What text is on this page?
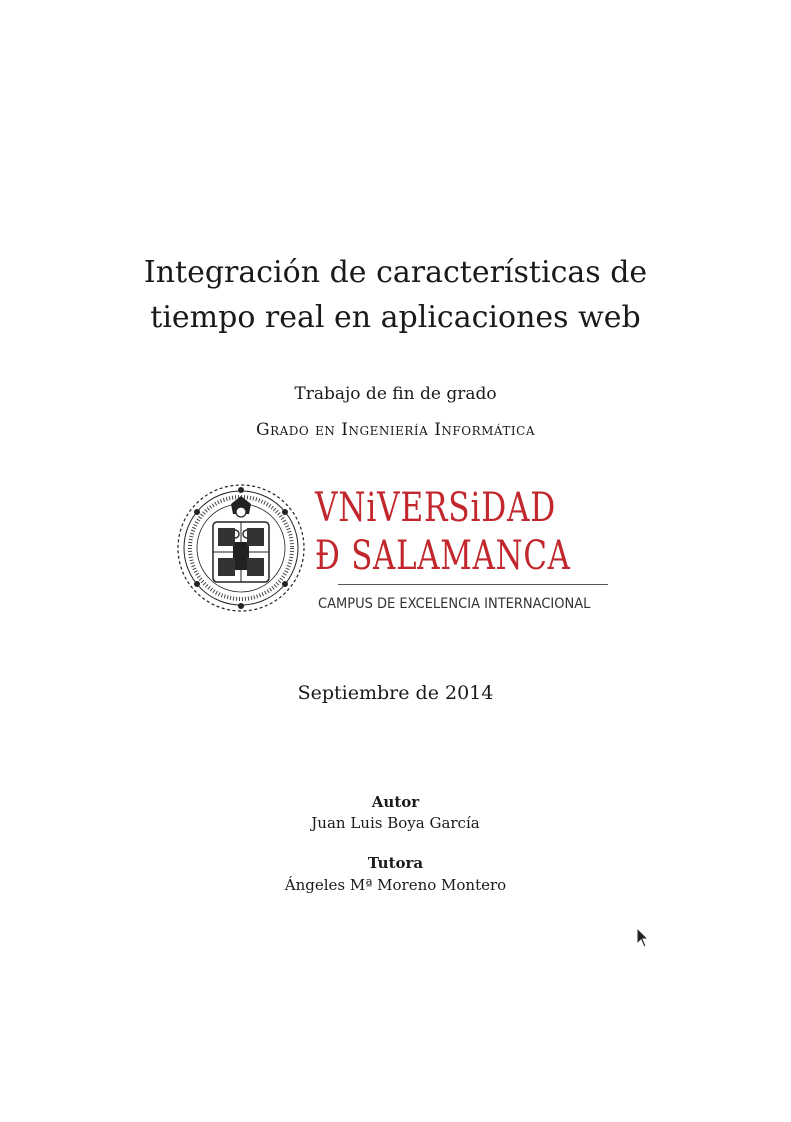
Integración de características de
tiempo real en aplicaciones web
Trabajo de fin de grado
Grado en Ingeniería Informática
VNiVERSiDAD
Ð SALAMANCA
CAMPUS DE EXCELENCIA INTERNACIONAL
Septiembre de 2014
Autor
Juan Luis Boya García
Tutora
Ángeles Mª Moreno Montero
